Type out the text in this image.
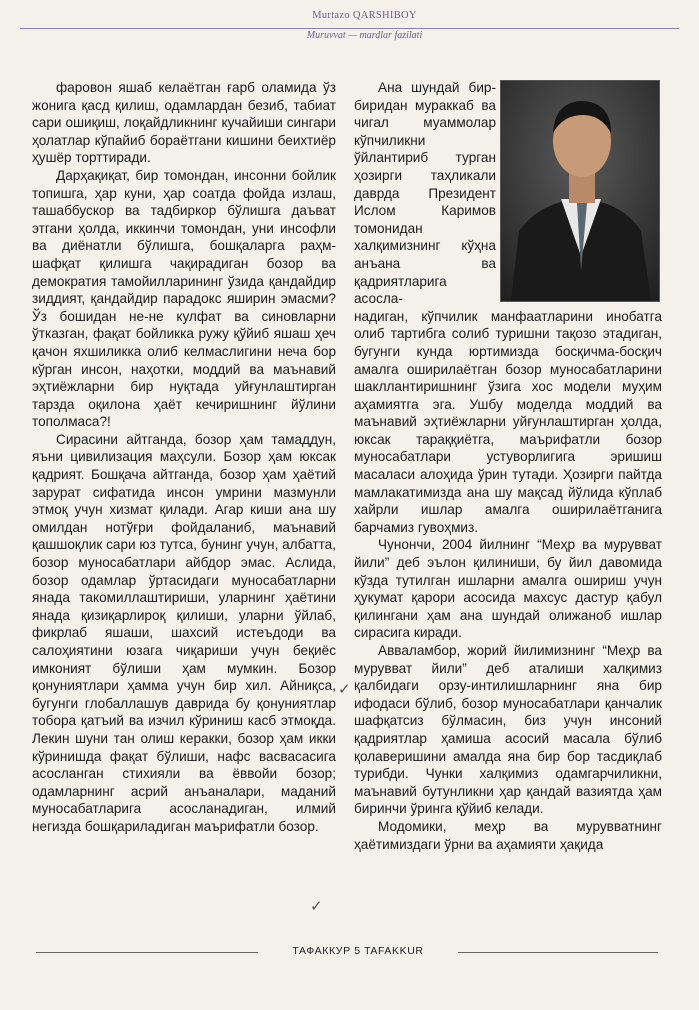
Murtazo QARSHIBOY
Muruvvat — mardlar fazilati

фаровон яшаб келаётган ғарб оламида ўз жонига қасд қилиш, одамлардан безиб, табиат сари ошиқиш, лоқайдликнинг кучайиши сингари ҳолатлар кўпайиб бораётгани кишини беихтиёр ҳушёр торттиради.

Дарҳақиқат, бир томондан, инсонни бойлик топишга, ҳар куни, ҳар соатда фойда излаш, ташаббускор ва тадбиркор бўлишга даъват этгани ҳолда, иккинчи томондан, уни инсофли ва диёнатли бўлишга, бошқаларга раҳм-шафқат қилишга чақирадиган бозор ва демократия тамойилларининг ўзида қандайдир зиддият, қандайдир парадокс яширин эмасми? Ўз бошидан не-не кулфат ва синовларни ўтказган, фақат бойликка ружу қўйиб яшаш ҳеч қачон яхшиликка олиб келмаслигини неча бор кўрган инсон, наҳотки, моддий ва маънавий эҳтиёжларни бир нуқтада уйғунлаштирган тарзда оқилона ҳаёт кечиришнинг йўлини тополмаса?!

Сирасини айтганда, бозор ҳам тамаддун, яъни цивилизация маҳсули. Бозор ҳам юксак қадрият. Бошқача айтганда, бозор ҳам ҳаётий зарурат сифатида инсон умрини мазмунли этмоқ учун хизмат қилади. Агар киши ана шу омилдан нотўғри фойдаланиб, маънавий қашшоқлик сари юз тутса, бунинг учун, албатта, бозор муносабатлари айбдор эмас. Аслида, бозор одамлар ўртасидаги муносабатларни янада такомиллаштириши, уларнинг ҳаётини янада қизиқарлироқ қилиши, уларни ўйлаб, фикрлаб яшаши, шахсий истеъдоди ва салоҳиятини юзага чиқариши учун беқиёс имконият бўлиши ҳам мумкин. Бозор қонуниятлари ҳамма учун бир хил. Айниқса, бугунги глобаллашув даврида бу қонуниятлар тобора қатъий ва изчил кўриниш касб этмоқда. Лекин шуни тан олиш керакки, бозор ҳам икки кўринишда фақат бўлиши, нафс васвасасига асосланган стихияли ва ёввойи бозор; одамларнинг асрий анъаналари, маданий муносабатларига асосланадиган, илмий негизда бошқариладиган маърифатли бозор.

Ана шундай бир-биридан мураккаб ва чигал муаммолар кўпчиликни ўйлантириб турган ҳозирги таҳликали даврда Президент Ислом Каримов томонидан халқимизнинг кўҳна анъана ва қадриятларига асосла-

надиган, кўпчилик манфаатларини инобатга олиб тартибга солиб туришни тақозо этадиган, бугунги кунда юртимизда босқичма-босқич амалга оширилаётган бозор муносабатларини шакллантиришнинг ўзига хос модели муҳим аҳамиятга эга. Ушбу моделда моддий ва маънавий эҳтиёжларни уйғунлаштирган ҳолда, юксак тараққиётга, маърифатли бозор муносабатлари устуворлигига эришиш масаласи алоҳида ўрин тутади. Ҳозирги пайтда мамлакатимизда ана шу мақсад йўлида кўплаб хайрли ишлар амалга оширилаётганига барчамиз гувоҳмиз.

Чунончи, 2004 йилнинг “Меҳр ва мурувват йили” деб эълон қилиниши, бу йил давомида кўзда тутилган ишларни амалга ошириш учун ҳукумат қарори асосида махсус дастур қабул қилингани ҳам ана шундай олижаноб ишлар сирасига киради.

Авваламбор, жорий йилимизнинг “Меҳр ва мурувват йили” деб аталиши халқимиз қалбидаги орзу-интилишларнинг яна бир ифодаси бўлиб, бозор муносабатлари қанчалик шафқатсиз бўлмасин, биз учун инсоний қадриятлар ҳамиша асосий масала бўлиб қолаверишини амалда яна бир бор тасдиқлаб турибди. Чунки халқимиз одамгарчиликни, маънавий бутунликни ҳар қандай вазиятда ҳам биринчи ўринга қўйиб келади.

Модомики, меҳр ва мурувватнинг ҳаётимиздаги ўрни ва аҳамияти ҳақида

✓
✓
ТАФАККУР 5 TAFAKKUR
